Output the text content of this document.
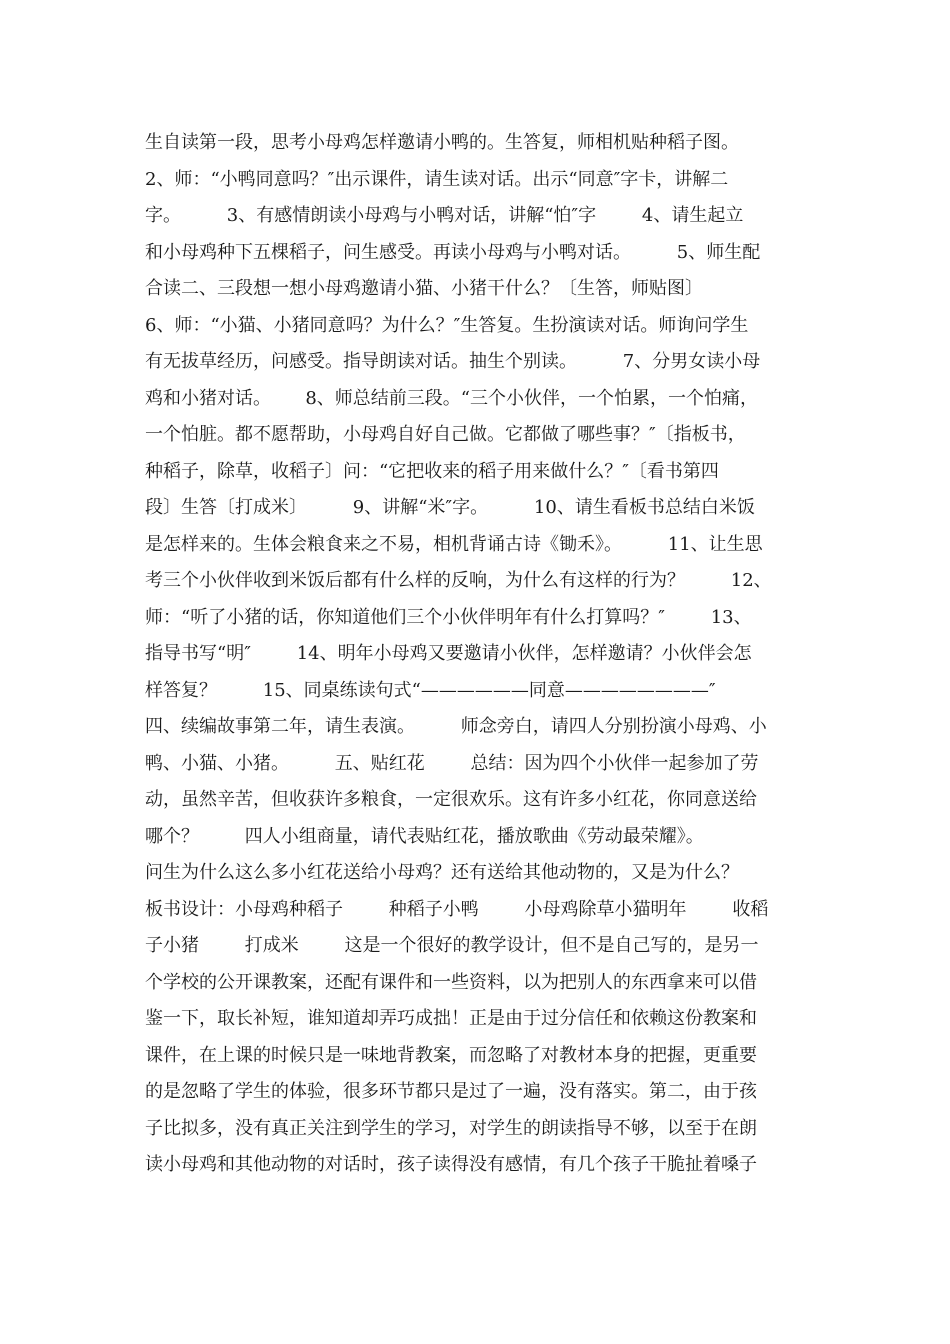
生自读第一段，思考小母鸡怎样邀请小鸭的。生答复，师相机贴种稻子图。
2、师：“小鸭同意吗？″出示课件，请生读对话。出示“同意″字卡，讲解二
字。        3、有感情朗读小母鸡与小鸭对话，讲解“怕″字        4、请生起立
和小母鸡种下五棵稻子，问生感受。再读小母鸡与小鸭对话。        5、师生配
合读二、三段想一想小母鸡邀请小猫、小猪干什么？〔生答，师贴图〕
6、师：“小猫、小猪同意吗？为什么？″生答复。生扮演读对话。师询问学生
有无拔草经历，问感受。指导朗读对话。抽生个别读。        7、分男女读小母
鸡和小猪对话。      8、师总结前三段。“三个小伙伴，一个怕累，一个怕痛，
一个怕脏。都不愿帮助，小母鸡自好自己做。它都做了哪些事？″〔指板书，
种稻子，除草，收稻子〕问：“它把收来的稻子用来做什么？″〔看书第四
段〕生答〔打成米〕        9、讲解“米″字。        10、请生看板书总结白米饭
是怎样来的。生体会粮食来之不易，相机背诵古诗《锄禾》。        11、让生思
考三个小伙伴收到米饭后都有什么样的反响，为什么有这样的行为？        12、
师：“听了小猪的话，你知道他们三个小伙伴明年有什么打算吗？″        13、
指导书写“明″        14、明年小母鸡又要邀请小伙伴，怎样邀请？小伙伴会怎
样答复？        15、同桌练读句式“——————同意————————″
四、续编故事第二年，请生表演。        师念旁白，请四人分别扮演小母鸡、小
鸭、小猫、小猪。        五、贴红花        总结：因为四个小伙伴一起参加了劳
动，虽然辛苦，但收获许多粮食，一定很欢乐。这有许多小红花，你同意送给
哪个？        四人小组商量，请代表贴红花，播放歌曲《劳动最荣耀》。
问生为什么这么多小红花送给小母鸡？还有送给其他动物的，又是为什么？
板书设计：小母鸡种稻子        种稻子小鸭        小母鸡除草小猫明年        收稻
子小猪        打成米        这是一个很好的教学设计，但不是自己写的，是另一
个学校的公开课教案，还配有课件和一些资料，以为把别人的东西拿来可以借
鉴一下，取长补短，谁知道却弄巧成拙！正是由于过分信任和依赖这份教案和
课件，在上课的时候只是一味地背教案，而忽略了对教材本身的把握，更重要
的是忽略了学生的体验，很多环节都只是过了一遍，没有落实。第二，由于孩
子比拟多，没有真正关注到学生的学习，对学生的朗读指导不够，以至于在朗
读小母鸡和其他动物的对话时，孩子读得没有感情，有几个孩子干脆扯着嗓子
